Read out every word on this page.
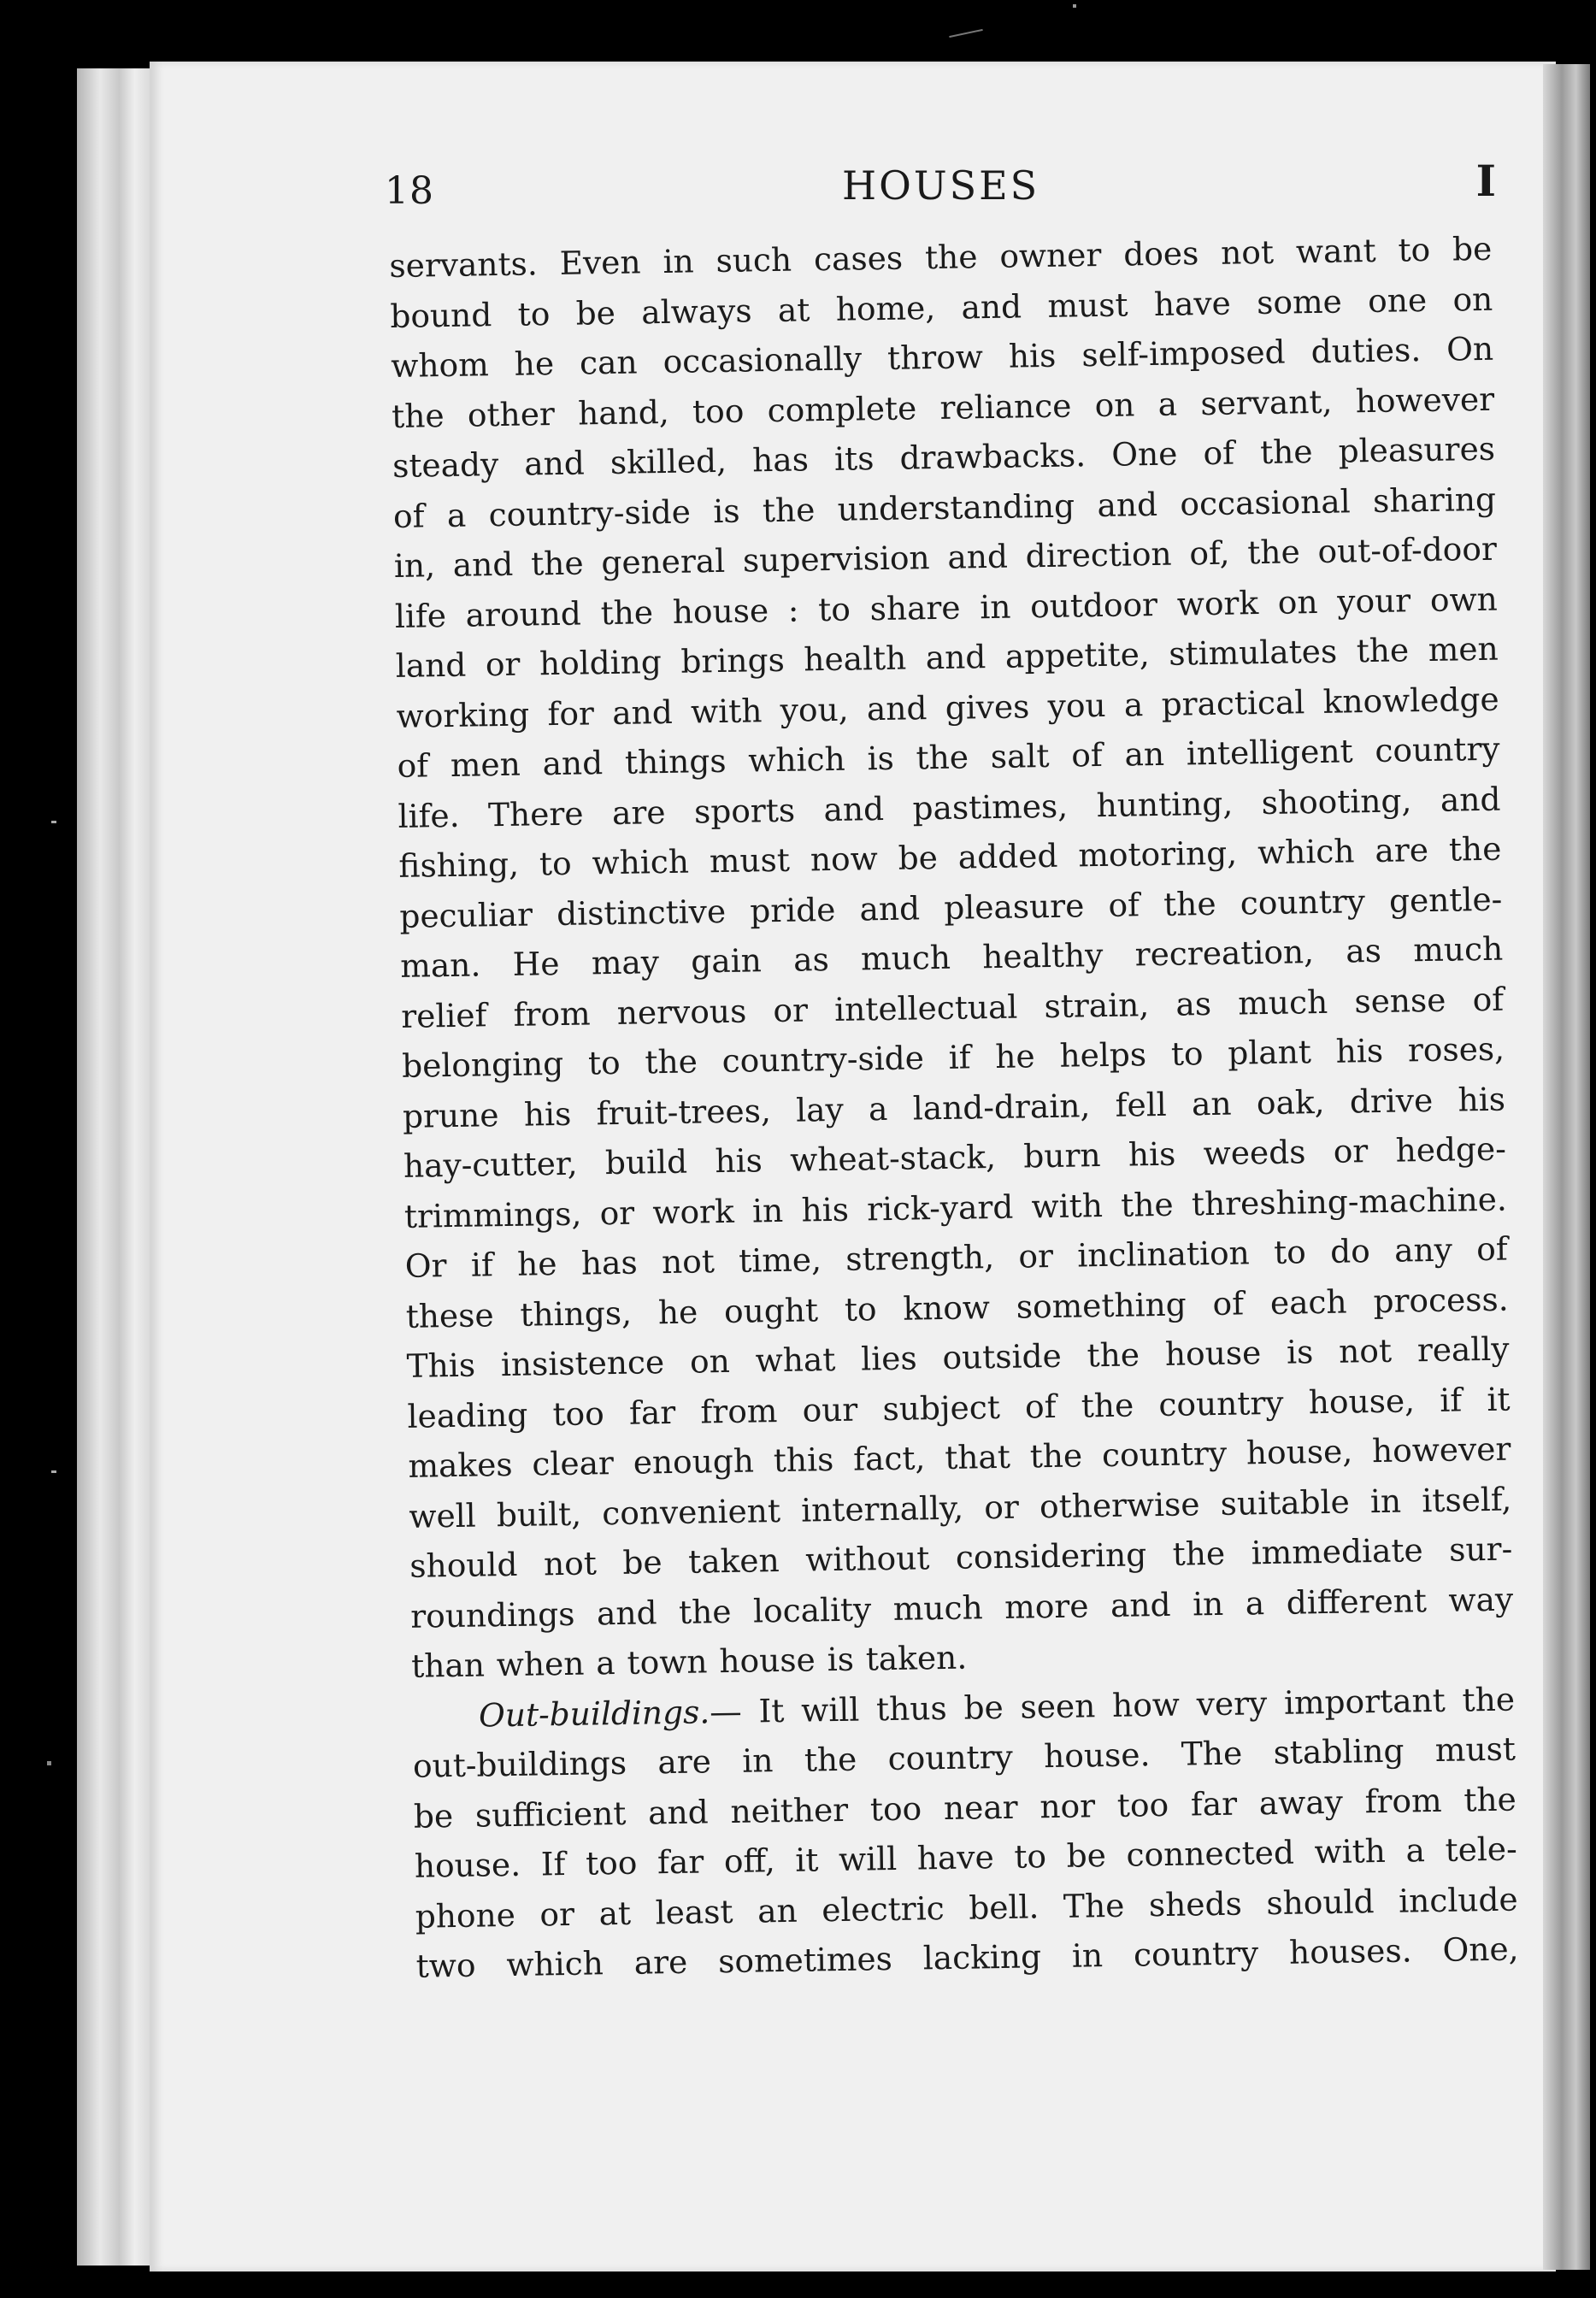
18	HOUSES	I
servants. Even in such cases the owner does not want to be
bound to be always at home, and must have some one on
whom he can occasionally throw his self-imposed duties. On
the other hand, too complete reliance on a servant, however
steady and skilled, has its drawbacks. One of the pleasures
of a country-side is the understanding and occasional sharing
in, and the general supervision and direction of, the out-of-door
life around the house : to share in outdoor work on your own
land or holding brings health and appetite, stimulates the men
working for and with you, and gives you a practical knowledge
of men and things which is the salt of an intelligent country
life. There are sports and pastimes, hunting, shooting, and
fishing, to which must now be added motoring, which are the
peculiar distinctive pride and pleasure of the country gentle-
man. He may gain as much healthy recreation, as much
relief from nervous or intellectual strain, as much sense of
belonging to the country-side if he helps to plant his roses,
prune his fruit-trees, lay a land-drain, fell an oak, drive his
hay-cutter, build his wheat-stack, burn his weeds or hedge-
trimmings, or work in his rick-yard with the threshing-machine.
Or if he has not time, strength, or inclination to do any of
these things, he ought to know something of each process.
This insistence on what lies outside the house is not really
leading too far from our subject of the country house, if it
makes clear enough this fact, that the country house, however
well built, convenient internally, or otherwise suitable in itself,
should not be taken without considering the immediate sur-
roundings and the locality much more and in a different way
than when a town house is taken.
Out-buildings.— It will thus be seen how very important the
out-buildings are in the country house. The stabling must
be sufficient and neither too near nor too far away from the
house. If too far off, it will have to be connected with a tele-
phone or at least an electric bell. The sheds should include
two which are sometimes lacking in country houses. One,
